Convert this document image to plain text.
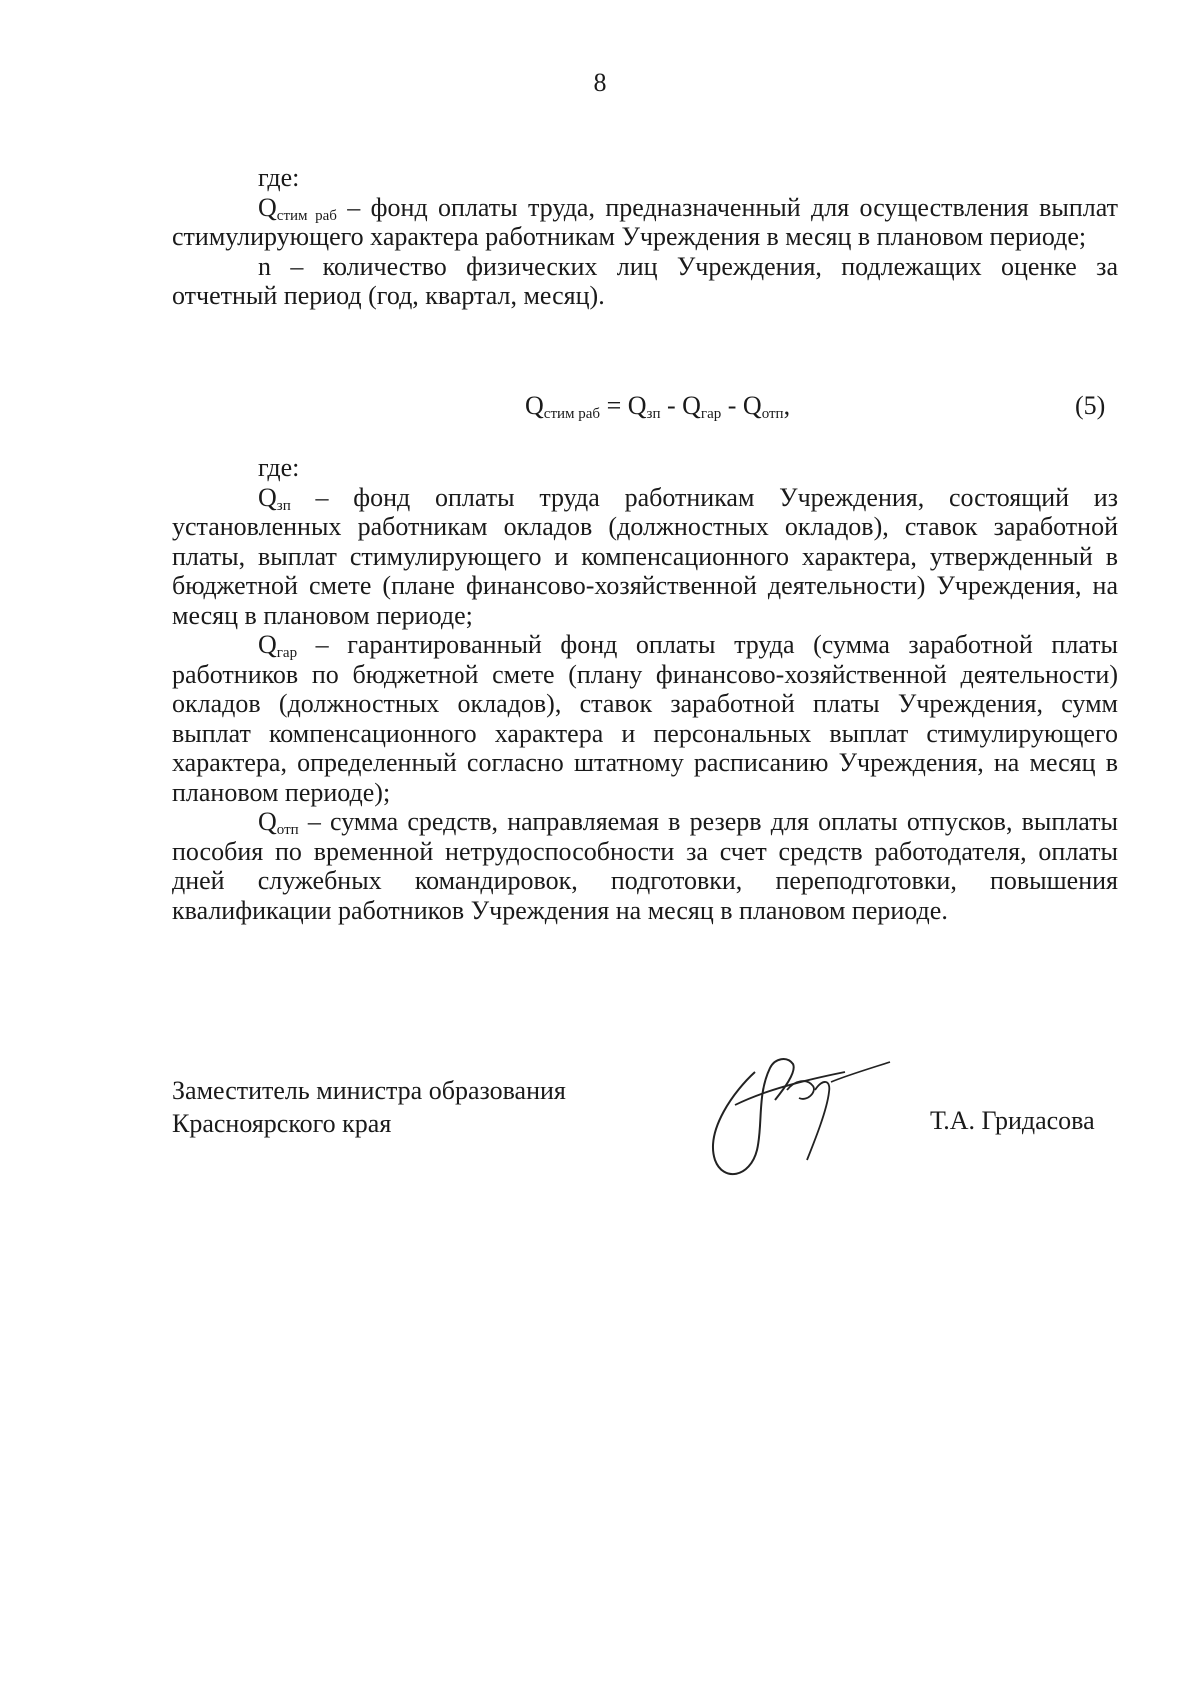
8

где:

$Q_{стим раб}$ – фонд оплаты труда, предназначенный для осуществления выплат стимулирующего характера работникам Учреждения в месяц в плановом периоде;

n – количество физических лиц Учреждения, подлежащих оценке за отчетный период (год, квартал, месяц).

$Q_{стим раб} = Q_{зп} - Q_{гар} - Q_{отп}$,	(5)

где:

$Q_{зп}$ – фонд оплаты труда работникам Учреждения, состоящий из установленных работникам окладов (должностных окладов), ставок заработной платы, выплат стимулирующего и компенсационного характера, утвержденный в бюджетной смете (плане финансово-хозяйственной деятельности) Учреждения, на месяц в плановом периоде;

$Q_{гар}$ – гарантированный фонд оплаты труда (сумма заработной платы работников по бюджетной смете (плану финансово-хозяйственной деятельности) окладов (должностных окладов), ставок заработной платы Учреждения, сумм выплат компенсационного характера и персональных выплат стимулирующего характера, определенный согласно штатному расписанию Учреждения, на месяц в плановом периоде);

$Q_{отп}$ – сумма средств, направляемая в резерв для оплаты отпусков, выплаты пособия по временной нетрудоспособности за счет средств работодателя, оплаты дней служебных командировок, подготовки, переподготовки, повышения квалификации работников Учреждения на месяц в плановом периоде.

Заместитель министра образования
Красноярского края	Т.А. Гридасова
